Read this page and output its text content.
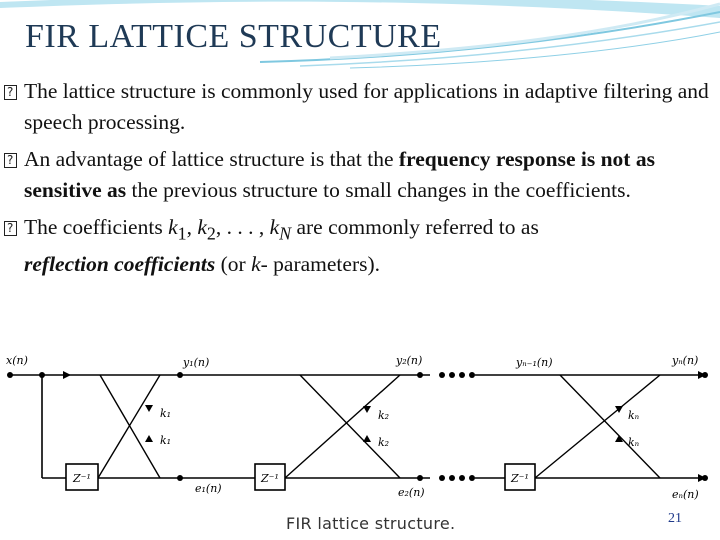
FIR LATTICE STRUCTURE
?
The lattice structure is commonly used for applications in adaptive filtering and speech processing.
?
An advantage of lattice structure is that the frequency response is not as sensitive as the previous structure to small changes in the coefficients.
?
The coefficients $k_1$, $k_2$, . . . , $k_N$ are commonly referred to as
reflection coefficients (or k- parameters).
Z⁻¹	Z⁻¹	Z⁻¹
x(n)	y₁(n)	y₂(n)	yₙ₋₁(n)	yₙ(n)
e₁(n)	e₂(n)	eₙ(n)
k₁
k₁
k₂
k₂
kₙ
kₙ
FIR lattice structure.	21
